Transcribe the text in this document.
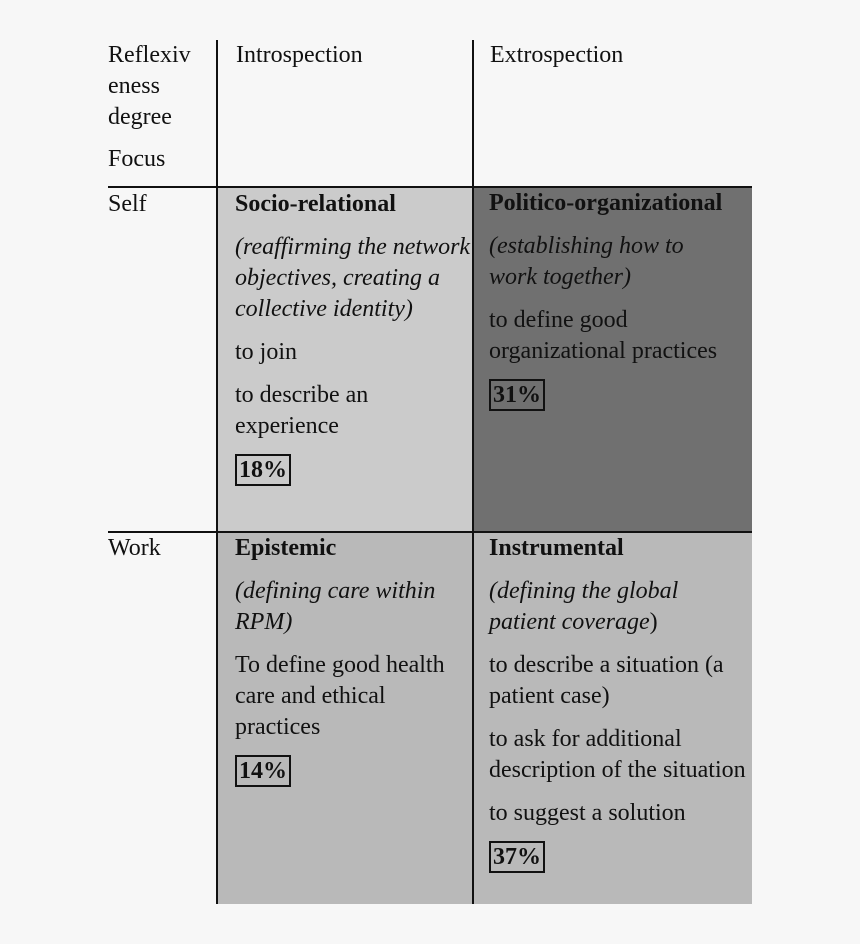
Reflexiv
eness
degree
Focus
Introspection	Extrospection
Self
Work
Socio-relational

(reaffirming the network objectives, creating a collective identity)

to join

to describe an experience

18%
Politico-organizational

(establishing how to
work together)

to define good
organizational practices

31%
Epistemic

(defining care within RPM)

To define good health care and ethical practices

14%
Instrumental

(defining the global
patient coverage)

to describe a situation (a patient case)

to ask for additional description of the situation

to suggest a solution

37%
